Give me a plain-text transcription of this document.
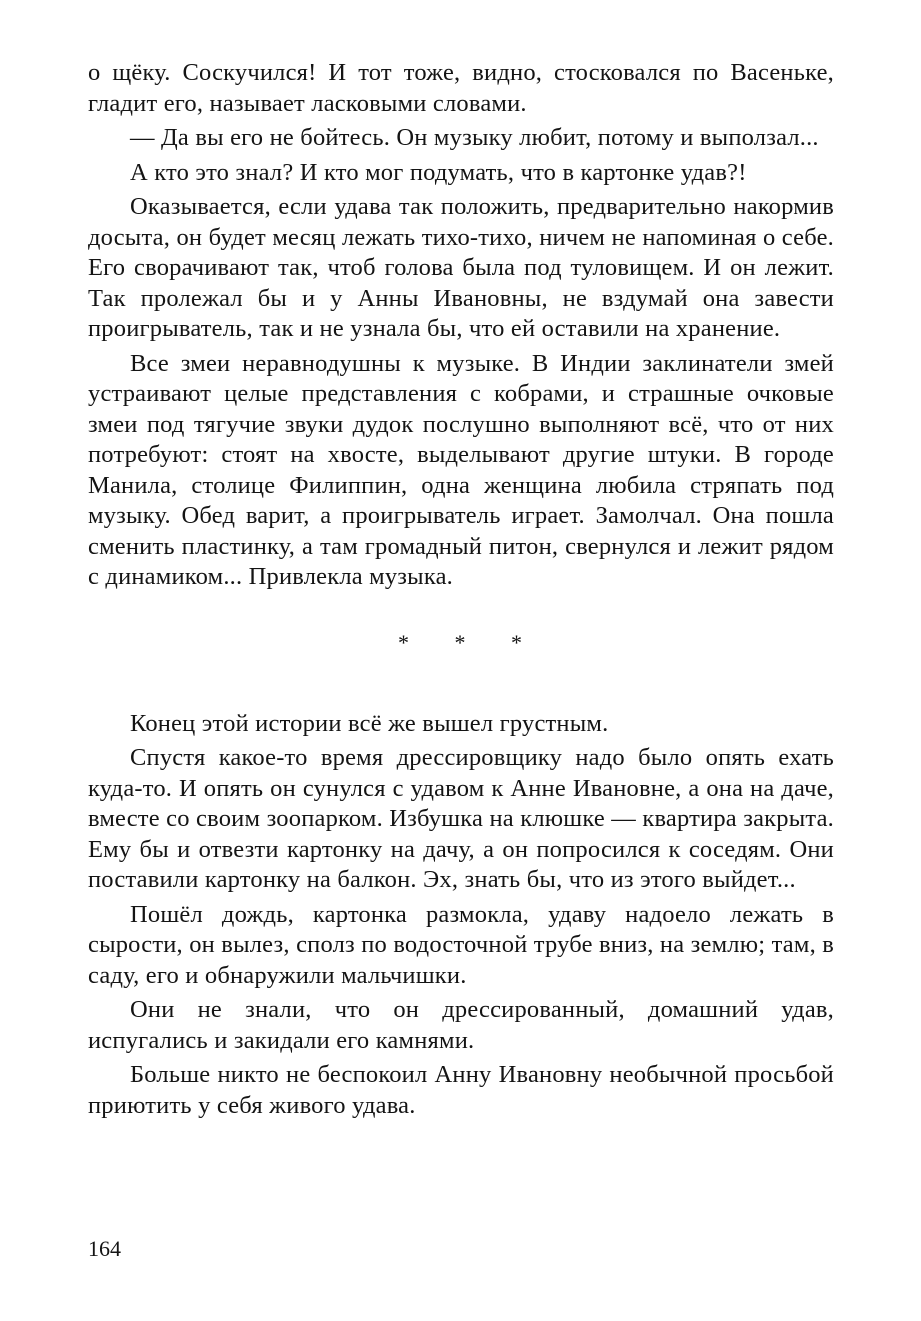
о щёку. Соскучился! И тот тоже, видно, стосковался по Васеньке, гладит его, называет ласковыми словами.

— Да вы его не бойтесь. Он музыку любит, потому и выползал...

А кто это знал? И кто мог подумать, что в картонке удав?!

Оказывается, если удава так положить, предварительно накормив досыта, он будет месяц лежать тихо-тихо, ничем не напоминая о себе. Его сворачивают так, чтоб голова была под туловищем. И он лежит. Так пролежал бы и у Анны Ивановны, не вздумай она завести проигрыватель, так и не узнала бы, что ей оставили на хранение.

Все змеи неравнодушны к музыке. В Индии заклинатели змей устраивают целые представления с кобрами, и страшные очковые змеи под тягучие звуки дудок послушно выполняют всё, что от них потребуют: стоят на хвосте, выделывают другие штуки. В городе Манила, столице Филиппин, одна женщина любила стряпать под музыку. Обед варит, а проигрыватель играет. Замолчал. Она пошла сменить пластинку, а там громадный питон, свернулся и лежит рядом с динамиком... Привлекла музыка.

* * *

Конец этой истории всё же вышел грустным.

Спустя какое-то время дрессировщику надо было опять ехать куда-то. И опять он сунулся с удавом к Анне Ивановне, а она на даче, вместе со своим зоопарком. Избушка на клюшке — квартира закрыта. Ему бы и отвезти картонку на дачу, а он попросился к соседям. Они поставили картонку на балкон. Эх, знать бы, что из этого выйдет...

Пошёл дождь, картонка размокла, удаву надоело лежать в сырости, он вылез, сполз по водосточной трубе вниз, на землю; там, в саду, его и обнаружили мальчишки.

Они не знали, что он дрессированный, домашний удав, испугались и закидали его камнями.

Больше никто не беспокоил Анну Ивановну необычной просьбой приютить у себя живого удава.

164
